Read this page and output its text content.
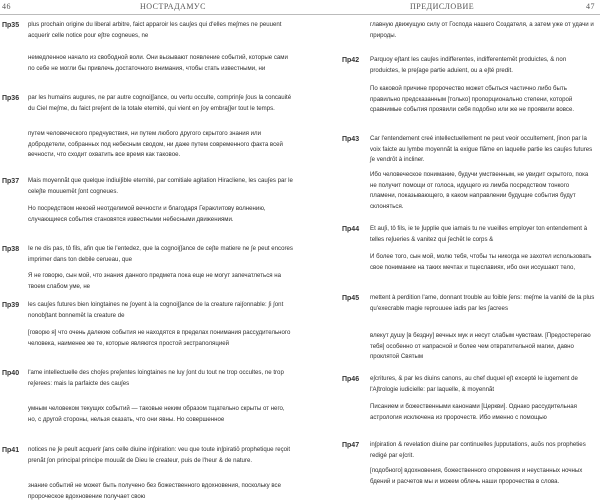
46	НОСТРАДАМУС
Пр35 plus prochain origine du liberal arbitre, faict apparoir les cau∫es qui d'elles me∫mes ne peuuent acquerir celle notice pour e∫tre cogneues, ne
немедленное начало из свободной воли. Они вызывают появление событий, которые сами по себе не могли бы привлечь достаточного внимания, чтобы стать известными, ни
Пр36 par les humains augures, ne par autre cognoi∫∫ance, ou vertu occulte, comprin∫e ∫ous la concauité du Ciel me∫me, du faict pre∫ent de la totale eternité, qui vient en ∫oy embra∫∫er tout le temps.
путем человеческого предчувствия, ни путем любого другого скрытого знания или добродетели, собранных под небесным сводом, ни даже путем современного факта всей вечности, что сходит охватить все время как таковое.
Пр37 Mais moyennãt que quelque indiui∫ible eternité, par comitiale agitation Hiracliene, les cau∫es par le cele∫te mouuemēt ∫ont cogneues.
Но посредством некоей неотделимой вечности и благодаря Гераклитову волнению, случающиеся события становятся известными небесными движениями.
Пр38 Ie ne dis pas, tô fils, afin que tie l'entedez, que la cognoi∫∫ance de ce∫te matiere ne ∫e peut encores imprimer dans ton debile cerueau, que
Я не говорю, сын мой, что знания данного предмета пока еще не могут запечатлеться на твоем слабом уме, не
Пр39 les cau∫es futures bien loingtaines ne ∫oyent à la cognoi∫∫ance de la creature rai∫onnable: ∫i ∫ont nonob∫tant bonnemēt la creature de
[говорю я] что очень далекие события не находятся в пределах понимания рассудительного человека, наименее же те, которые являются простой экстраполяцией
Пр40 l'ame intellectuelle des cho∫es pre∫entes loingtaines ne luy ∫ont du tout ne trop occultes, ne trop re∫erees: mais la parfaicte des cau∫es
умным человеком текущих событий — таковые неким образом тщательно скрыты от него, но, с другой стороны, нельзя сказать, что они явны. Но совершенное
Пр41 notices ne ∫e peult acquerir ∫ans celle diuine in∫piration: veu que toute in∫piratiō prophetique reçoit prenãt ∫on principal principe mouuãt de Dieu le createur, puis de l'heur & de nature.
знание событий не может быть получено без божественного вдохновения, поскольку все пророческое вдохновение получает свою
ПРЕДИСЛОВИЕ	47
главную движущую силу от Господа нашего Создателя, а затем уже от удачи и природы.
Пр42 Parquoy e∫tant les cau∫es indifferentes, indifferentemēt produictes, & non produictes, le pre∫age partie aduient, ou a e∫té predit.
По каковой причине пророчество может сбыться частично либо быть правильно предсказанным [только] пропорционально степени, которой сравнимые события проявили себя подобно или же не проявили вовсе.
Пр43 Car l'entendement creé intellectuellement ne peut veoir occultement, ∫inon par la voix faicte au lymbe moyennãt la exigue flãme en laquelle partie les cau∫es futures ∫e vendrōt à incliner.
Ибо человеческое понимание, будучи умственным, не увидит скрытого, пока не получит помощи от голоса, идущего из лимба посредством тонкого пламени, показывающего, в каком направлении будущие события будут склоняться.
Пр44 Et au∫i, tô fils, ie te ∫upplie que iamais tu ne vueilles employer ton entendement à telles re∫ueries & vanitez qui ∫echēt le corps &
И более того, сын мой, молю тебя, чтобы ты никогда не захотел использовать свое понимание на таких мечтах и тщеславиях, ибо они иссушают тело,
Пр45 mettent à perdition l'ame, donnant trouble au foible ∫ens: me∫me la vanité de la plus qu'execrable magie reprouuee iadis par les ∫acrees
влекут душу [в бездну] вечных мук и несут слабым чувствам. [Предостерегаю тебя] особенно от напрасной и более чем отвратительной магии, давно проклятой Святым
Пр46 e∫critures, & par les diuins canons, au chef duquel e∫t excepté le iugement de l'A∫trologie iudicielle: par laquelle, & moyennãt
Писанием и божественными канонами [Церкви]. Однако рассудительная астрология исключена из пророчеств. Ибо именно с помощью
Пр47 in∫piration & revelation diuine par continuelles ∫upputations, auõs nos propheties redigé par e∫crit.
[подобного] вдохновения, божественного откровения и неустанных ночных бдений и расчетов мы и можем облечь наши пророчества в слова.
